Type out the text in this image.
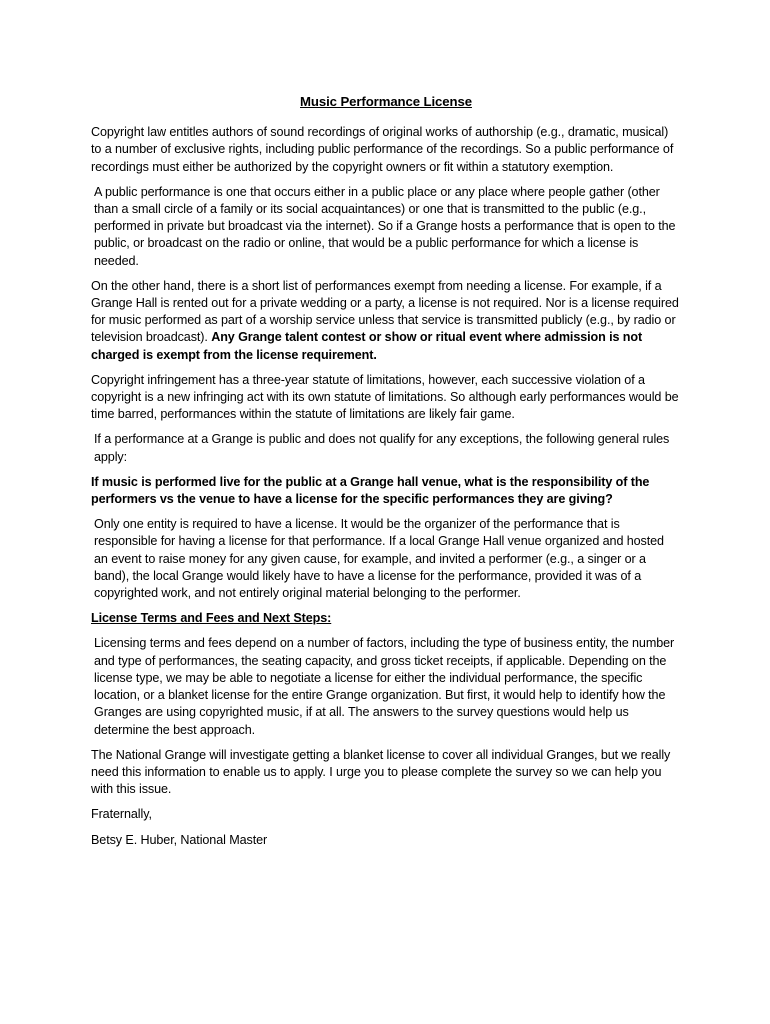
Music Performance License

Copyright law entitles authors of sound recordings of original works of authorship (e.g., dramatic, musical) to a number of exclusive rights, including public performance of the recordings. So a public performance of recordings must either be authorized by the copyright owners or fit within a statutory exemption.

A public performance is one that occurs either in a public place or any place where people gather (other than a small circle of a family or its social acquaintances) or one that is transmitted to the public (e.g., performed in private but broadcast via the internet). So if a Grange hosts a performance that is open to the public, or broadcast on the radio or online, that would be a public performance for which a license is needed.

On the other hand, there is a short list of performances exempt from needing a license. For example, if a Grange Hall is rented out for a private wedding or a party, a license is not required. Nor is a license required for music performed as part of a worship service unless that service is transmitted publicly (e.g., by radio or television broadcast). Any Grange talent contest or show or ritual event where admission is not charged is exempt from the license requirement.

Copyright infringement has a three-year statute of limitations, however, each successive violation of a copyright is a new infringing act with its own statute of limitations. So although early performances would be time barred, performances within the statute of limitations are likely fair game.

If a performance at a Grange is public and does not qualify for any exceptions, the following general rules apply:

If music is performed live for the public at a Grange hall venue, what is the responsibility of the performers vs the venue to have a license for the specific performances they are giving?

Only one entity is required to have a license. It would be the organizer of the performance that is responsible for having a license for that performance. If a local Grange Hall venue organized and hosted an event to raise money for any given cause, for example, and invited a performer (e.g., a singer or a band), the local Grange would likely have to have a license for the performance, provided it was of a copyrighted work, and not entirely original material belonging to the performer.

License Terms and Fees and Next Steps:

Licensing terms and fees depend on a number of factors, including the type of business entity, the number and type of performances, the seating capacity, and gross ticket receipts, if applicable. Depending on the license type, we may be able to negotiate a license for either the individual performance, the specific location, or a blanket license for the entire Grange organization. But first, it would help to identify how the Granges are using copyrighted music, if at all. The answers to the survey questions would help us determine the best approach.

The National Grange will investigate getting a blanket license to cover all individual Granges, but we really need this information to enable us to apply. I urge you to please complete the survey so we can help you with this issue.

Fraternally,

Betsy E. Huber, National Master
